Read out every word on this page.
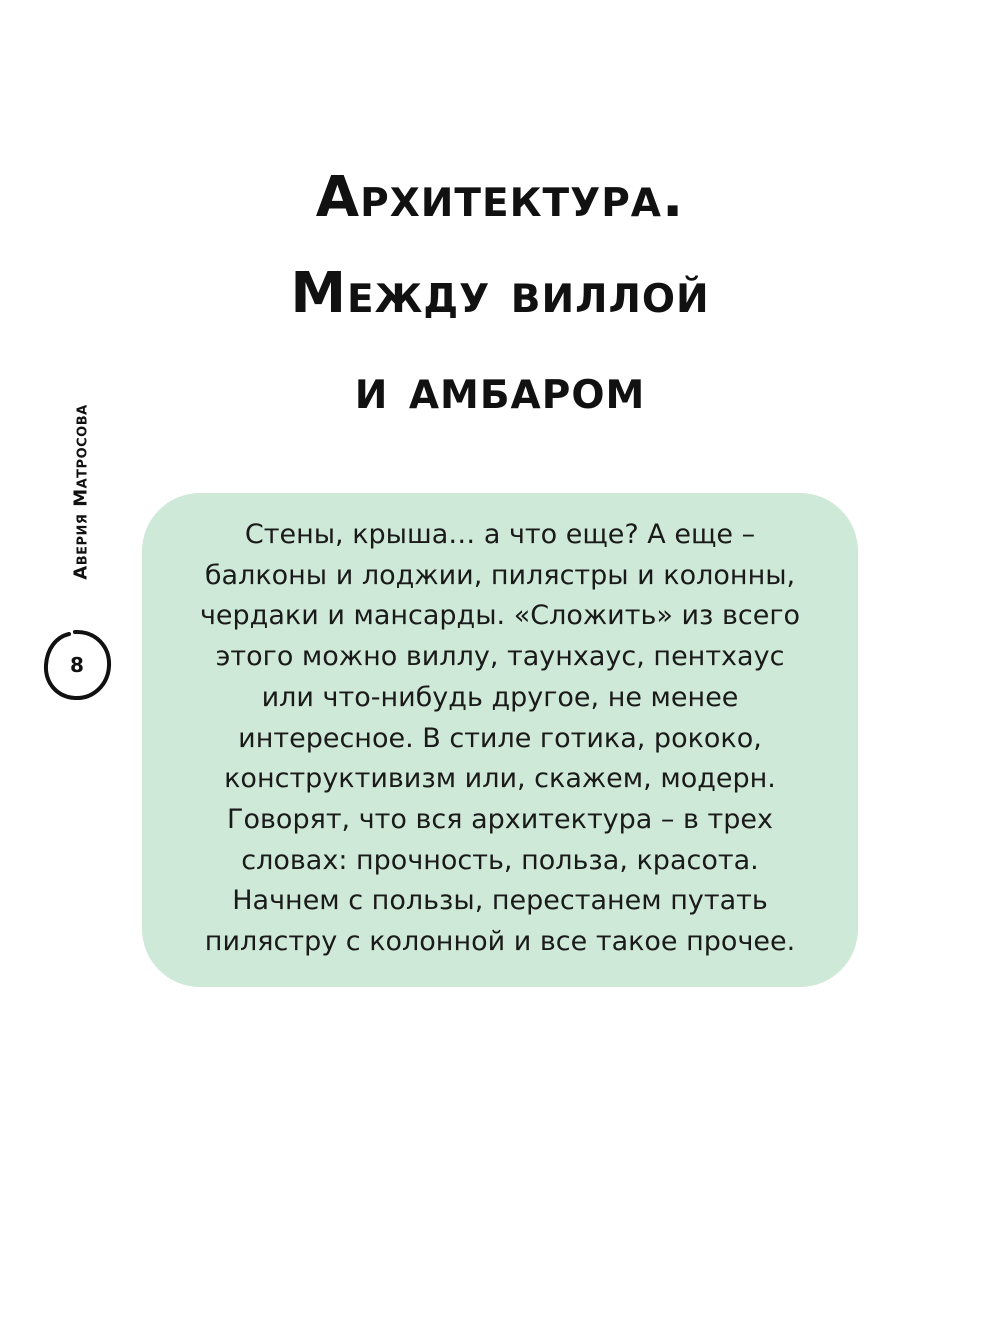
Архитектура.
Между виллой
и амбаром
Аверия Матросова
8

Стены, крыша… а что еще? А еще –
балконы и лоджии, пилястры и колонны,
чердаки и мансарды. «Сложить» из всего
этого можно виллу, таунхаус, пентхаус
или что-нибудь другое, не менее
интересное. В стиле готика, рококо,
конструктивизм или, скажем, модерн.
Говорят, что вся архитектура – в трех
словах: прочность, польза, красота.
Начнем с пользы, перестанем путать
пилястру с колонной и все такое прочее.
